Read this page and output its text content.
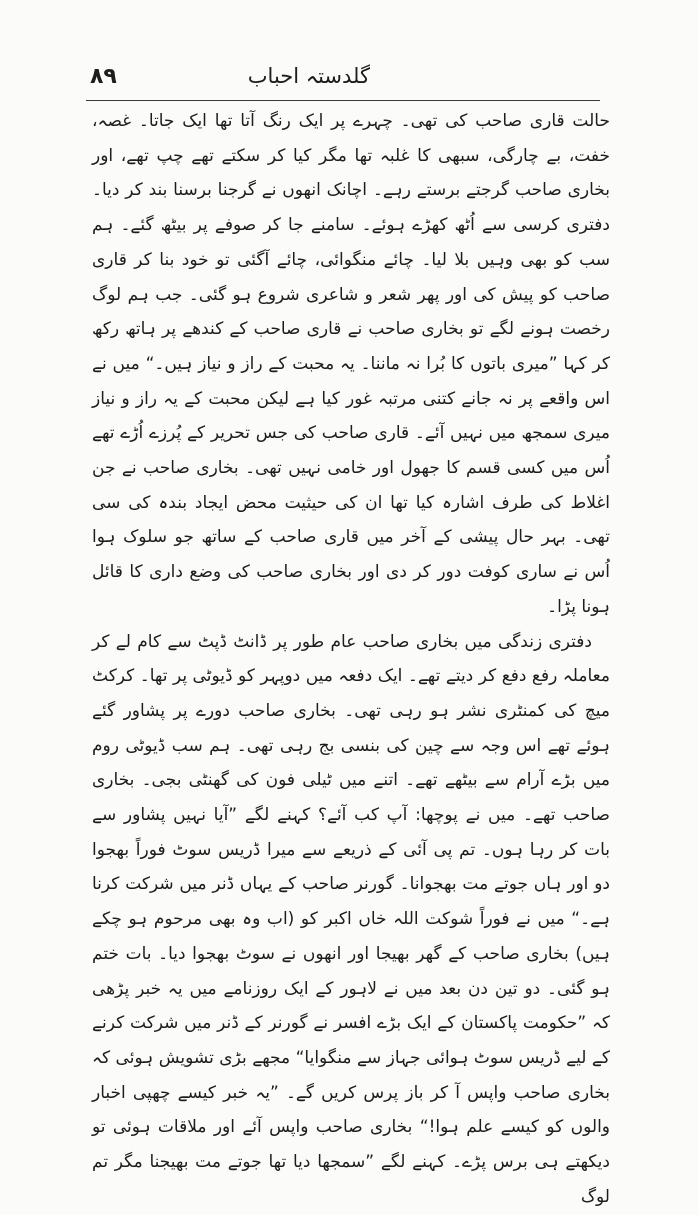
۸۹	گلدستہ احباب

حالت قاری صاحب کی تھی۔ چہرے پر ایک رنگ آتا تھا ایک جاتا۔ غصہ، خفت، بے چارگی، سبھی کا غلبہ تھا مگر کیا کر سکتے تھے چپ تھے، اور بخاری صاحب گرجتے برستے رہے۔ اچانک انھوں نے گرجنا برسنا بند کر دیا۔ دفتری کرسی سے اُٹھ کھڑے ہوئے۔ سامنے جا کر صوفے پر بیٹھ گئے۔ ہم سب کو بھی وہیں بلا لیا۔ چائے منگوائی، چائے آگئی تو خود بنا کر قاری صاحب کو پیش کی اور پھر شعر و شاعری شروع ہو گئی۔ جب ہم لوگ رخصت ہونے لگے تو بخاری صاحب نے قاری صاحب کے کندھے پر ہاتھ رکھ کر کہا ”میری باتوں کا بُرا نہ ماننا۔ یہ محبت کے راز و نیاز ہیں۔“ میں نے اس واقعے پر نہ جانے کتنی مرتبہ غور کیا ہے لیکن محبت کے یہ راز و نیاز میری سمجھ میں نہیں آئے۔ قاری صاحب کی جس تحریر کے پُرزے اُڑے تھے اُس میں کسی قسم کا جھول اور خامی نہیں تھی۔ بخاری صاحب نے جن اغلاط کی طرف اشارہ کیا تھا ان کی حیثیت محض ایجاد بندہ کی سی تھی۔ بہر حال پیشی کے آخر میں قاری صاحب کے ساتھ جو سلوک ہوا اُس نے ساری کوفت دور کر دی اور بخاری صاحب کی وضع داری کا قائل ہونا پڑا۔

دفتری زندگی میں بخاری صاحب عام طور پر ڈانٹ ڈپٹ سے کام لے کر معاملہ رفع دفع کر دیتے تھے۔ ایک دفعہ میں دوپہر کو ڈیوٹی پر تھا۔ کرکٹ میچ کی کمنٹری نشر ہو رہی تھی۔ بخاری صاحب دورے پر پشاور گئے ہوئے تھے اس وجہ سے چین کی بنسی بج رہی تھی۔ ہم سب ڈیوٹی روم میں بڑے آرام سے بیٹھے تھے۔ اتنے میں ٹیلی فون کی گھنٹی بجی۔ بخاری صاحب تھے۔ میں نے پوچھا: آپ کب آئے؟ کہنے لگے ”آیا نہیں پشاور سے بات کر رہا ہوں۔ تم پی آئی کے ذریعے سے میرا ڈریس سوٹ فوراً بھجوا دو اور ہاں جوتے مت بھجوانا۔ گورنر صاحب کے یہاں ڈنر میں شرکت کرنا ہے۔“ میں نے فوراً شوکت اللہ خاں اکبر کو (اب وہ بھی مرحوم ہو چکے ہیں) بخاری صاحب کے گھر بھیجا اور انھوں نے سوٹ بھجوا دیا۔ بات ختم ہو گئی۔ دو تین دن بعد میں نے لاہور کے ایک روزنامے میں یہ خبر پڑھی کہ ”حکومت پاکستان کے ایک بڑے افسر نے گورنر کے ڈنر میں شرکت کرنے کے لیے ڈریس سوٹ ہوائی جہاز سے منگوایا“ مجھے بڑی تشویش ہوئی کہ بخاری صاحب واپس آ کر باز پرس کریں گے۔ ”یہ خبر کیسے چھپی اخبار والوں کو کیسے علم ہوا!“ بخاری صاحب واپس آئے اور ملاقات ہوئی تو دیکھتے ہی برس پڑے۔ کہنے لگے ”سمجھا دیا تھا جوتے مت بھیجنا مگر تم لوگ
